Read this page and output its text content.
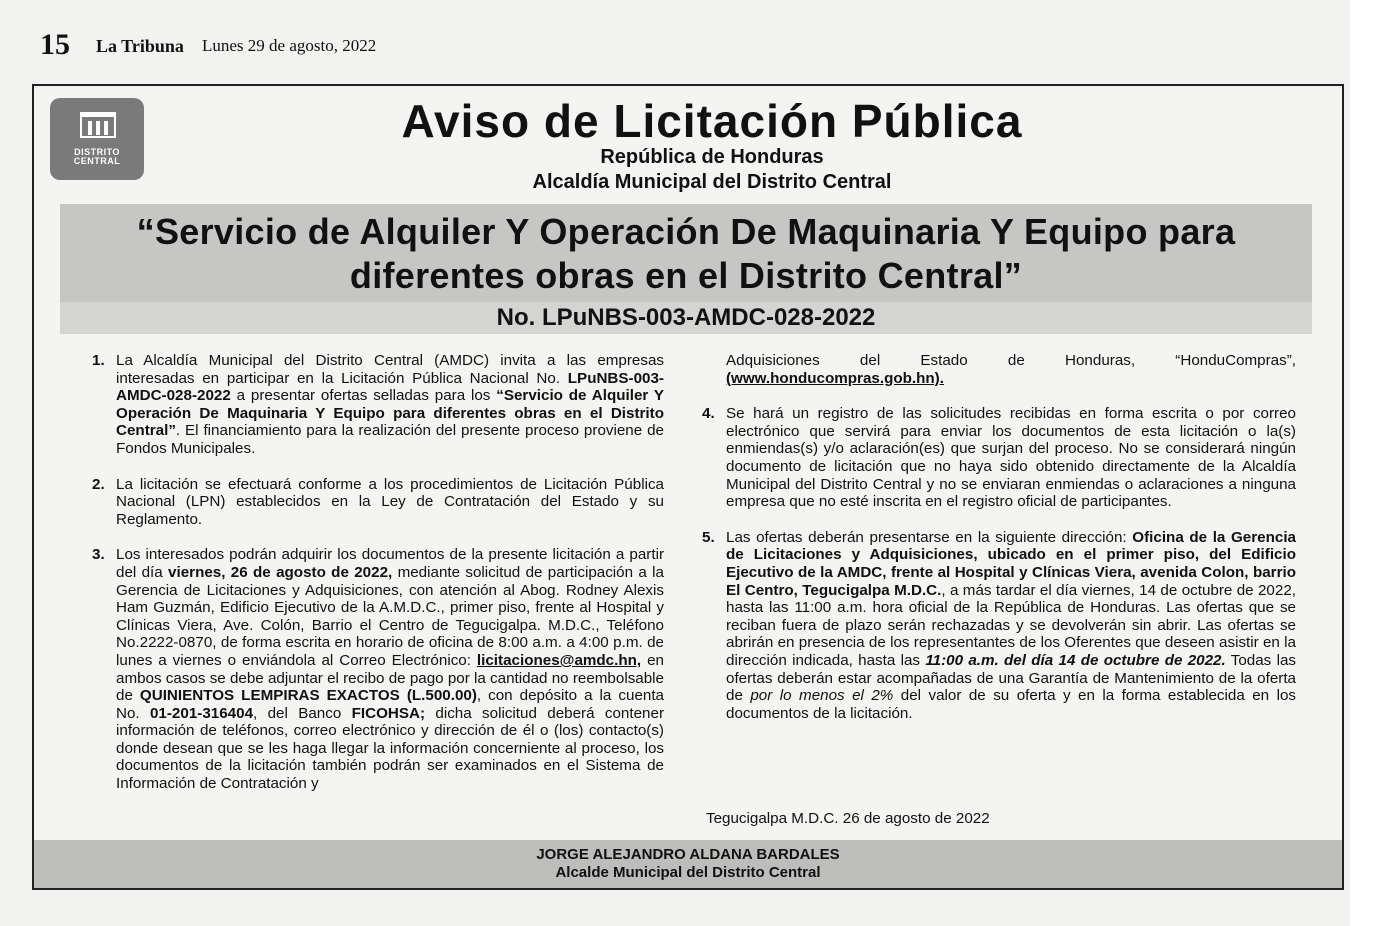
15 La Tribuna Lunes 29 de agosto, 2022
DISTRITO
CENTRAL
Aviso de Licitación Pública
República de Honduras
Alcaldía Municipal del Distrito Central
“Servicio de Alquiler Y Operación De Maquinaria Y Equipo para
diferentes obras en el Distrito Central”
No. LPuNBS-003-AMDC-028-2022
1. La Alcaldía Municipal del Distrito Central (AMDC) invita a las empresas interesadas en participar en la Licitación Pública Nacional No. LPuNBS-003-AMDC-028-2022 a presentar ofertas selladas para los “Servicio de Alquiler Y Operación De Maquinaria Y Equipo para diferentes obras en el Distrito Central”. El financiamiento para la realización del presente proceso proviene de Fondos Municipales.

2. La licitación se efectuará conforme a los procedimientos de Licitación Pública Nacional (LPN) establecidos en la Ley de Contratación del Estado y su Reglamento.

3. Los interesados podrán adquirir los documentos de la presente licitación a partir del día viernes, 26 de agosto de 2022, mediante solicitud de participación a la Gerencia de Licitaciones y Adquisiciones, con atención al Abog. Rodney Alexis Ham Guzmán, Edificio Ejecutivo de la A.M.D.C., primer piso, frente al Hospital y Clínicas Viera, Ave. Colón, Barrio el Centro de Tegucigalpa. M.D.C., Teléfono No.2222-0870, de forma escrita en horario de oficina de 8:00 a.m. a 4:00 p.m. de lunes a viernes o enviándola al Correo Electrónico: licitaciones@amdc.hn, en ambos casos se debe adjuntar el recibo de pago por la cantidad no reembolsable de QUINIENTOS LEMPIRAS EXACTOS (L.500.00), con depósito a la cuenta No. 01-201-316404, del Banco FICOHSA; dicha solicitud deberá contener información de teléfonos, correo electrónico y dirección de él o (los) contacto(s) donde desean que se les haga llegar la información concerniente al proceso, los documentos de la licitación también podrán ser examinados en el Sistema de Información de Contratación y

Adquisiciones del Estado de Honduras, “HonduCompras”, (www.honducompras.gob.hn).

4. Se hará un registro de las solicitudes recibidas en forma escrita o por correo electrónico que servirá para enviar los documentos de esta licitación o la(s) enmiendas(s) y/o aclaración(es) que surjan del proceso. No se considerará ningún documento de licitación que no haya sido obtenido directamente de la Alcaldía Municipal del Distrito Central y no se enviaran enmiendas o aclaraciones a ninguna empresa que no esté inscrita en el registro oficial de participantes.

5. Las ofertas deberán presentarse en la siguiente dirección: Oficina de la Gerencia de Licitaciones y Adquisiciones, ubicado en el primer piso, del Edificio Ejecutivo de la AMDC, frente al Hospital y Clínicas Viera, avenida Colon, barrio El Centro, Tegucigalpa M.D.C., a más tardar el día viernes, 14 de octubre de 2022, hasta las 11:00 a.m. hora oficial de la República de Honduras. Las ofertas que se reciban fuera de plazo serán rechazadas y se devolverán sin abrir. Las ofertas se abrirán en presencia de los representantes de los Oferentes que deseen asistir en la dirección indicada, hasta las 11:00 a.m. del día 14 de octubre de 2022. Todas las ofertas deberán estar acompañadas de una Garantía de Mantenimiento de la oferta de por lo menos el 2% del valor de su oferta y en la forma establecida en los documentos de la licitación.

Tegucigalpa M.D.C. 26 de agosto de 2022
JORGE ALEJANDRO ALDANA BARDALES
Alcalde Municipal del Distrito Central
